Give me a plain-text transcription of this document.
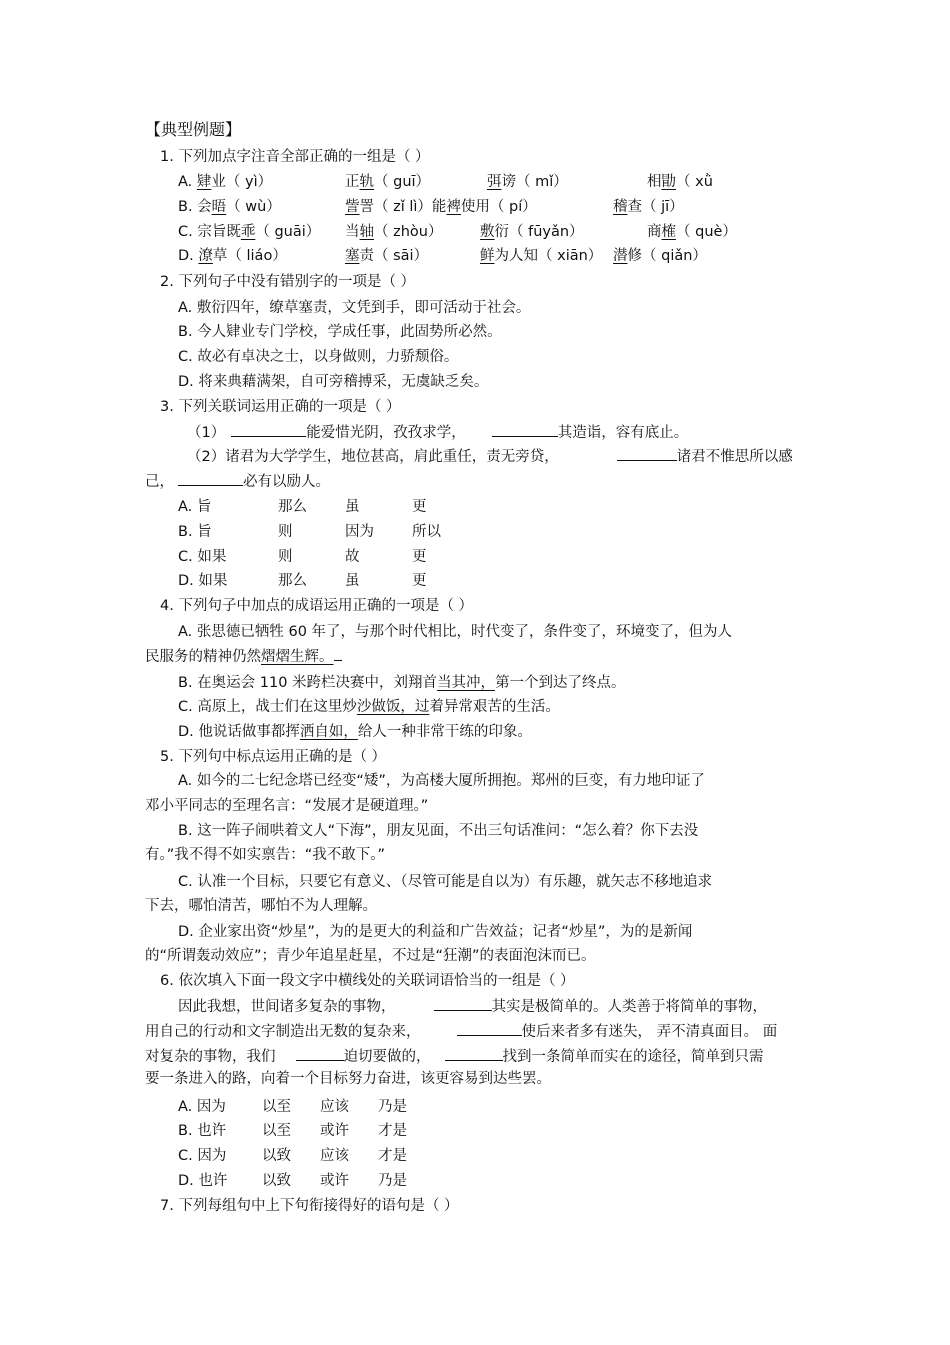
【典型例题】
1. 下列加点字注音全部正确的一组是（ ）
A. 肄业（ yì）	正轨（ guī）	弭谤（ mǐ）	相勖（ xǜ
B. 会晤（ wù）	訾詈（ zǐ lì）能裨使用（ pí）	稽查（ jī）
C. 宗旨既乖（ guāi） 当轴（ zhòu）	敷衍（ fūyǎn）	商榷（ què）
D. 潦草（ liáo）	塞责（ sāi）	鲜为人知（ xiān） 潜修（ qiǎn）
2. 下列句子中没有错别字的一项是（ ）
A. 敷衍四年，缭草塞责，文凭到手，即可活动于社会。
B. 今人肄业专门学校，学成任事，此固势所必然。
C. 故必有卓决之士，以身做则，力骄颓俗。
D. 将来典藉满架，自可旁稽搏采，无虞缺乏矣。
3. 下列关联词运用正确的一项是（ ）
（1）	能爱惜光阴，孜孜求学，	其造诣，容有底止。
（2）诸君为大学学生，地位甚高，肩此重任，责无旁贷，	诸君不惟思所以感
己，	必有以励人。
A. 旨	那么	虽	更
B. 旨	则	因为	所以
C. 如果	则	故	更
D. 如果	那么	虽	更
4. 下列句子中加点的成语运用正确的一项是（ ）
A. 张思德已牺牲 60 年了，与那个时代相比，时代变了，条件变了，环境变了，但为人
民服务的精神仍然熠熠生辉。
B. 在奥运会 110 米跨栏决赛中，刘翔首当其冲，第一个到达了终点。
C. 高原上，战士们在这里炒沙做饭，过着异常艰苦的生活。
D. 他说话做事都挥洒自如，给人一种非常干练的印象。
5. 下列句中标点运用正确的是（ ）
A. 如今的二七纪念塔已经变“矮”，为高楼大厦所拥抱。郑州的巨变，有力地印证了
邓小平同志的至理名言：“发展才是硬道理。”
B. 这一阵子闹哄着文人“下海”，朋友见面，不出三句话准问：“怎么着？你下去没
有。”我不得不如实禀告：“我不敢下。”
C. 认准一个目标，只要它有意义、（尽管可能是自以为）有乐趣，就矢志不移地追求
下去，哪怕清苦，哪怕不为人理解。
D. 企业家出资“炒星”，为的是更大的利益和广告效益；记者“炒星”，为的是新闻
的“所谓轰动效应”；青少年追星赶星，不过是“狂潮”的表面泡沫而已。
6. 依次填入下面一段文字中横线处的关联词语恰当的一组是（ ）
因此我想，世间诸多复杂的事物，	其实是极简单的。人类善于将简单的事物，
用自己的行动和文字制造出无数的复杂来，	使后来者多有迷失， 弄不清真面目。 面
对复杂的事物，我们	迫切要做的，	找到一条简单而实在的途径，简单到只需
要一条进入的路，向着一个目标努力奋进，该更容易到达些罢。
A. 因为 以至 应该 乃是
B. 也许 以至 或许 才是
C. 因为 以致 应该 才是
D. 也许 以致 或许 乃是
7. 下列每组句中上下句衔接得好的语句是（ ）
